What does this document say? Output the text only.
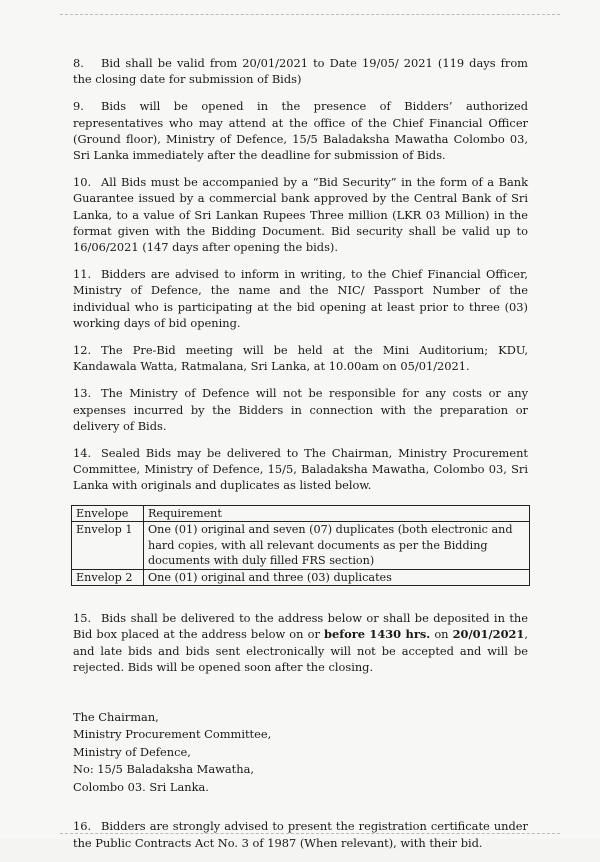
8. Bid shall be valid from 20/01/2021 to Date 19/05/ 2021 (119 days from the closing date for submission of Bids)

9. Bids will be opened in the presence of Bidders’ authorized representatives who may attend at the office of the Chief Financial Officer (Ground floor), Ministry of Defence, 15/5 Baladaksha Mawatha Colombo 03, Sri Lanka immediately after the deadline for submission of Bids.

10. All Bids must be accompanied by a “Bid Security” in the form of a Bank Guarantee issued by a commercial bank approved by the Central Bank of Sri Lanka, to a value of Sri Lankan Rupees Three million (LKR 03 Million) in the format given with the Bidding Document. Bid security shall be valid up to 16/06/2021 (147 days after opening the bids).

11. Bidders are advised to inform in writing, to the Chief Financial Officer, Ministry of Defence, the name and the NIC/ Passport Number of the individual who is participating at the bid opening at least prior to three (03) working days of bid opening.

12. The Pre-Bid meeting will be held at the Mini Auditorium; KDU, Kandawala Watta, Ratmalana, Sri Lanka, at 10.00am on 05/01/2021.

13. The Ministry of Defence will not be responsible for any costs or any expenses incurred by the Bidders in connection with the preparation or delivery of Bids.

14. Sealed Bids may be delivered to The Chairman, Ministry Procurement Committee, Ministry of Defence, 15/5, Baladaksha Mawatha, Colombo 03, Sri Lanka with originals and duplicates as listed below.

Envelope	Requirement
Envelop 1	One (01) original and seven (07) duplicates (both electronic and hard copies, with all relevant documents as per the Bidding documents with duly filled FRS section)
Envelop 2	One (01) original and three (03) duplicates

15. Bids shall be delivered to the address below or shall be deposited in the Bid box placed at the address below on or before 1430 hrs. on 20/01/2021, and late bids and bids sent electronically will not be accepted and will be rejected. Bids will be opened soon after the closing.

The Chairman,
Ministry Procurement Committee,
Ministry of Defence,
No: 15/5 Baladaksha Mawatha,
Colombo 03. Sri Lanka.

16. Bidders are strongly advised to present the registration certificate under the Public Contracts Act No. 3 of 1987 (When relevant), with their bid.
